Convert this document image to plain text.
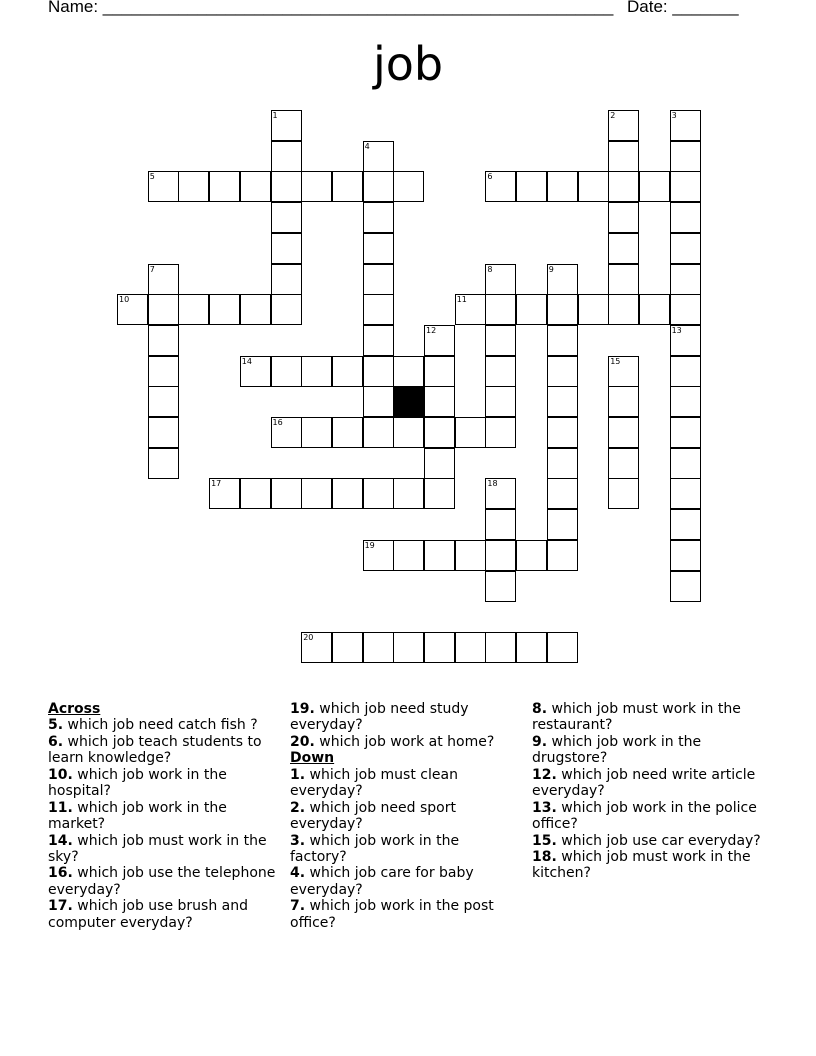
Name: ______________________________________________________ Date: _______
job
1	2	3
4
5	6
7	8	9
10	11
12	13
14	15
16
17	18
19
20
Across
5. which job need catch fish ?
6. which job teach students to learn knowledge?
10. which job work in the hospital?
11. which job work in the market?
14. which job must work in the sky?
16. which job use the telephone everyday?
17. which job use brush and computer everyday?
19. which job need study everyday?
20. which job work at home?
Down
1. which job must clean everyday?
2. which job need sport everyday?
3. which job work in the factory?
4. which job care for baby everyday?
7. which job work in the post office?
8. which job must work in the restaurant?
9. which job work in the drugstore?
12. which job need write article everyday?
13. which job work in the police office?
15. which job use car everyday?
18. which job must work in the kitchen?
